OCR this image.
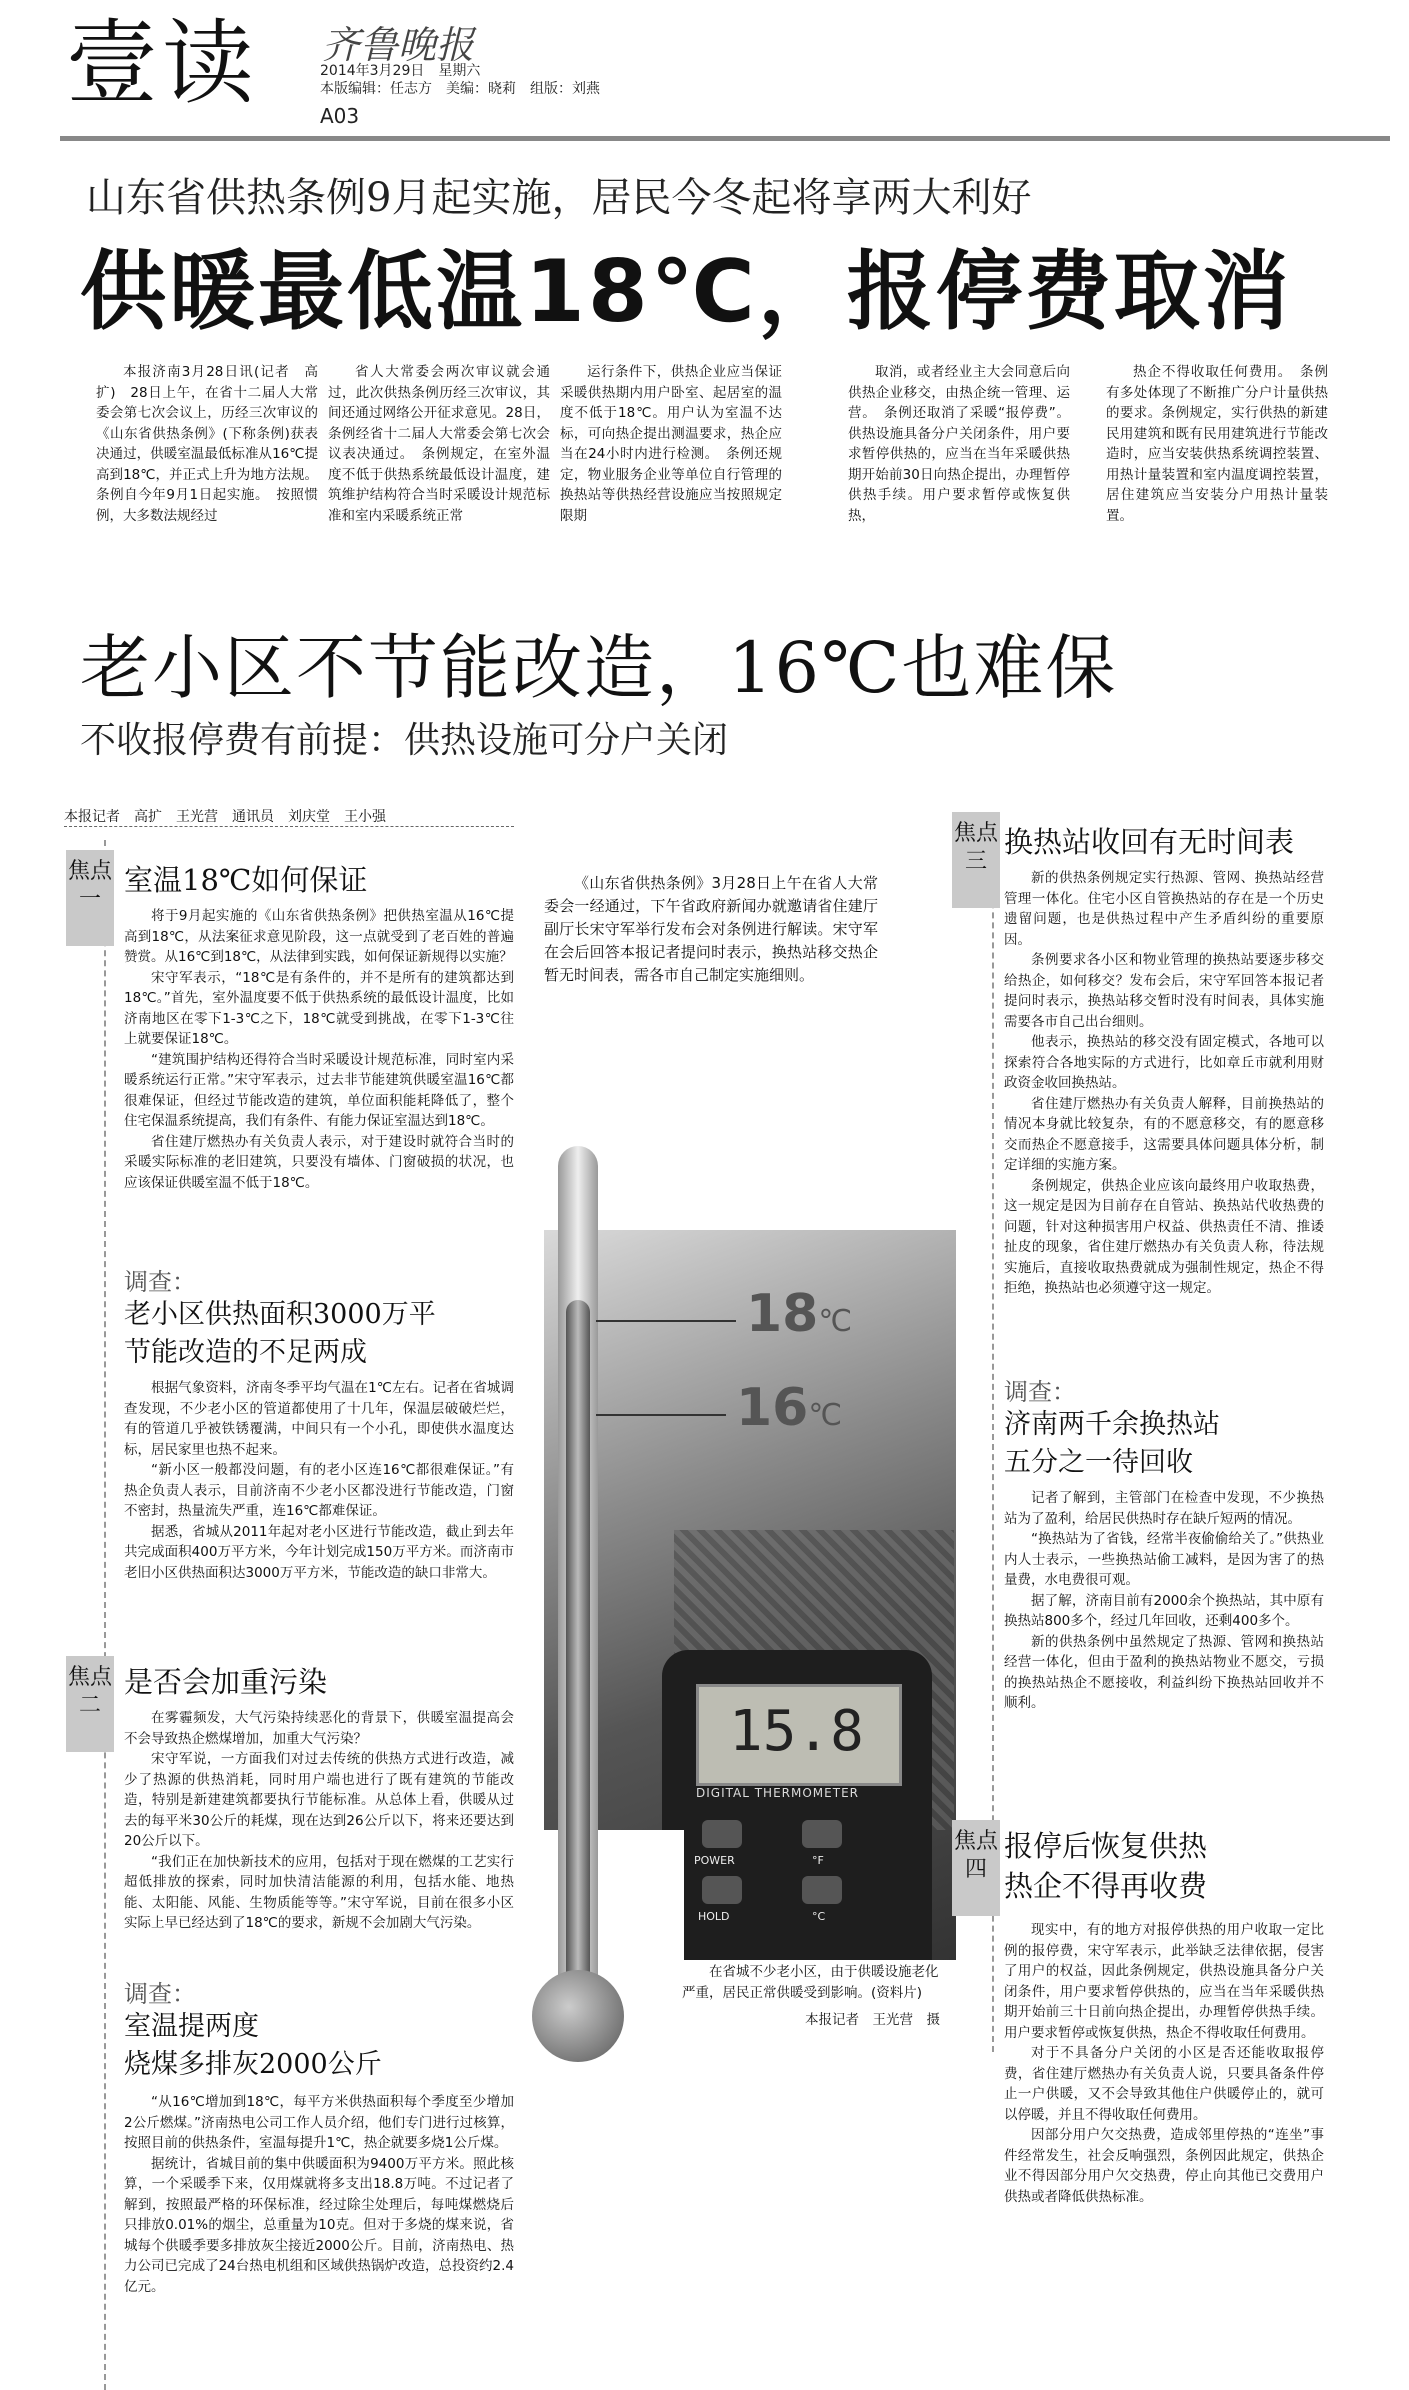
壹读 齐鲁晚报
2014年3月29日　星期六
本版编辑：任志方　美编：晓莉　组版：刘燕
A03
山东省供热条例9月起实施，居民今冬起将享两大利好
供暖最低温18℃，报停费取消

本报济南3月28日讯(记者　高扩)　28日上午，在省十二届人大常委会第七次会议上，历经三次审议的《山东省供热条例》(下称条例)获表决通过，供暖室温最低标准从16℃提高到18℃，并正式上升为地方法规。条例自今年9月1日起实施。　按照惯例，大多数法规经过

省人大常委会两次审议就会通过，此次供热条例历经三次审议，其间还通过网络公开征求意见。28日，条例经省十二届人大常委会第七次会议表决通过。　条例规定，在室外温度不低于供热系统最低设计温度，建筑维护结构符合当时采暖设计规范标准和室内采暖系统正常

运行条件下，供热企业应当保证采暖供热期内用户卧室、起居室的温度不低于18℃。用户认为室温不达标，可向热企提出测温要求，热企应当在24小时内进行检测。　条例还规定，物业服务企业等单位自行管理的换热站等供热经营设施应当按照规定限期

取消，或者经业主大会同意后向供热企业移交，由热企统一管理、运营。　条例还取消了采暖“报停费”。供热设施具备分户关闭条件，用户要求暂停供热的，应当在当年采暖供热期开始前30日向热企提出，办理暂停供热手续。用户要求暂停或恢复供热，

热企不得收取任何费用。　条例有多处体现了不断推广分户计量供热的要求。条例规定，实行供热的新建民用建筑和既有民用建筑进行节能改造时，应当安装供热系统调控装置、用热计量装置和室内温度调控装置，居住建筑应当安装分户用热计量装置。

老小区不节能改造，16℃也难保
不收报停费有前提：供热设施可分户关闭
本报记者　高扩　王光营　通讯员　刘庆堂　王小强
焦点一
室温18℃如何保证

将于9月起实施的《山东省供热条例》把供热室温从16℃提高到18℃，从法案征求意见阶段，这一点就受到了老百姓的普遍赞赏。从16℃到18℃，从法律到实践，如何保证新规得以实施？

宋守军表示，“18℃是有条件的，并不是所有的建筑都达到18℃。”首先，室外温度要不低于供热系统的最低设计温度，比如济南地区在零下1-3℃之下，18℃就受到挑战，在零下1-3℃往上就要保证18℃。

“建筑围护结构还得符合当时采暖设计规范标准，同时室内采暖系统运行正常。”宋守军表示，过去非节能建筑供暖室温16℃都很难保证，但经过节能改造的建筑，单位面积能耗降低了，整个住宅保温系统提高，我们有条件、有能力保证室温达到18℃。

省住建厅燃热办有关负责人表示，对于建设时就符合当时的采暖实际标准的老旧建筑，只要没有墙体、门窗破损的状况，也应该保证供暖室温不低于18℃。

调查：
老小区供热面积3000万平
节能改造的不足两成

根据气象资料，济南冬季平均气温在1℃左右。记者在省城调查发现，不少老小区的管道都使用了十几年，保温层破破烂烂，有的管道几乎被铁锈覆满，中间只有一个小孔，即使供水温度达标，居民家里也热不起来。

“新小区一般都没问题，有的老小区连16℃都很难保证。”有热企负责人表示，目前济南不少老小区都没进行节能改造，门窗不密封，热量流失严重，连16℃都难保证。

据悉，省城从2011年起对老小区进行节能改造，截止到去年共完成面积400万平方米，今年计划完成150万平方米。而济南市老旧小区供热面积达3000万平方米，节能改造的缺口非常大。

焦点二
是否会加重污染

在雾霾频发，大气污染持续恶化的背景下，供暖室温提高会不会导致热企燃煤增加，加重大气污染？

宋守军说，一方面我们对过去传统的供热方式进行改造，减少了热源的供热消耗，同时用户端也进行了既有建筑的节能改造，特别是新建建筑都要执行节能标准。从总体上看，供暖从过去的每平米30公斤的耗煤，现在达到26公斤以下，将来还要达到20公斤以下。

“我们正在加快新技术的应用，包括对于现在燃煤的工艺实行超低排放的探索，同时加快清洁能源的利用，包括水能、地热能、太阳能、风能、生物质能等等。”宋守军说，目前在很多小区实际上早已经达到了18℃的要求，新规不会加剧大气污染。

调查：
室温提两度
烧煤多排灰2000公斤

“从16℃增加到18℃，每平方米供热面积每个季度至少增加2公斤燃煤。”济南热电公司工作人员介绍，他们专门进行过核算，按照目前的供热条件，室温每提升1℃，热企就要多烧1公斤煤。

据统计，省城目前的集中供暖面积为9400万平方米。照此核算，一个采暖季下来，仅用煤就将多支出18.8万吨。不过记者了解到，按照最严格的环保标准，经过除尘处理后，每吨煤燃烧后只排放0.01%的烟尘，总重量为10克。但对于多烧的煤来说，省城每个供暖季要多排放灰尘接近2000公斤。目前，济南热电、热力公司已完成了24台热电机组和区域供热锅炉改造，总投资约2.4亿元。

《山东省供热条例》3月28日上午在省人大常委会一经通过，下午省政府新闻办就邀请省住建厅副厅长宋守军举行发布会对条例进行解读。宋守军在会后回答本报记者提问时表示，换热站移交热企暂无时间表，需各市自己制定实施细则。

15.8
DIGITAL THERMOMETER
POWER	°F
HOLD	°C
18℃
16℃
在省城不少老小区，由于供暖设施老化严重，居民正常供暖受到影响。(资料片)
本报记者　王光营　摄
焦点三
换热站收回有无时间表

新的供热条例规定实行热源、管网、换热站经营管理一体化。住宅小区自管换热站的存在是一个历史遗留问题，也是供热过程中产生矛盾纠纷的重要原因。

条例要求各小区和物业管理的换热站要逐步移交给热企，如何移交？发布会后，宋守军回答本报记者提问时表示，换热站移交暂时没有时间表，具体实施需要各市自己出台细则。

他表示，换热站的移交没有固定模式，各地可以探索符合各地实际的方式进行，比如章丘市就利用财政资金收回换热站。

省住建厅燃热办有关负责人解释，目前换热站的情况本身就比较复杂，有的不愿意移交，有的愿意移交而热企不愿意接手，这需要具体问题具体分析，制定详细的实施方案。

条例规定，供热企业应该向最终用户收取热费，这一规定是因为目前存在自管站、换热站代收热费的问题，针对这种损害用户权益、供热责任不清、推诿扯皮的现象，省住建厅燃热办有关负责人称，待法规实施后，直接收取热费就成为强制性规定，热企不得拒绝，换热站也必须遵守这一规定。

调查：
济南两千余换热站
五分之一待回收

记者了解到，主管部门在检查中发现，不少换热站为了盈利，给居民供热时存在缺斤短两的情况。

“换热站为了省钱，经常半夜偷偷给关了。”供热业内人士表示，一些换热站偷工减料，是因为害了的热量费，水电费很可观。

据了解，济南目前有2000余个换热站，其中原有换热站800多个，经过几年回收，还剩400多个。

新的供热条例中虽然规定了热源、管网和换热站经营一体化，但由于盈利的换热站物业不愿交，亏损的换热站热企不愿接收，利益纠纷下换热站回收并不顺利。

焦点四
报停后恢复供热
热企不得再收费

现实中，有的地方对报停供热的用户收取一定比例的报停费，宋守军表示，此举缺乏法律依据，侵害了用户的权益，因此条例规定，供热设施具备分户关闭条件，用户要求暂停供热的，应当在当年采暖供热期开始前三十日前向热企提出，办理暂停供热手续。用户要求暂停或恢复供热，热企不得收取任何费用。

对于不具备分户关闭的小区是否还能收取报停费，省住建厅燃热办有关负责人说，只要具备条件停止一户供暖，又不会导致其他住户供暖停止的，就可以停暖，并且不得收取任何费用。

因部分用户欠交热费，造成邻里停热的“连坐”事件经常发生，社会反响强烈，条例因此规定，供热企业不得因部分用户欠交热费，停止向其他已交费用户供热或者降低供热标准。
